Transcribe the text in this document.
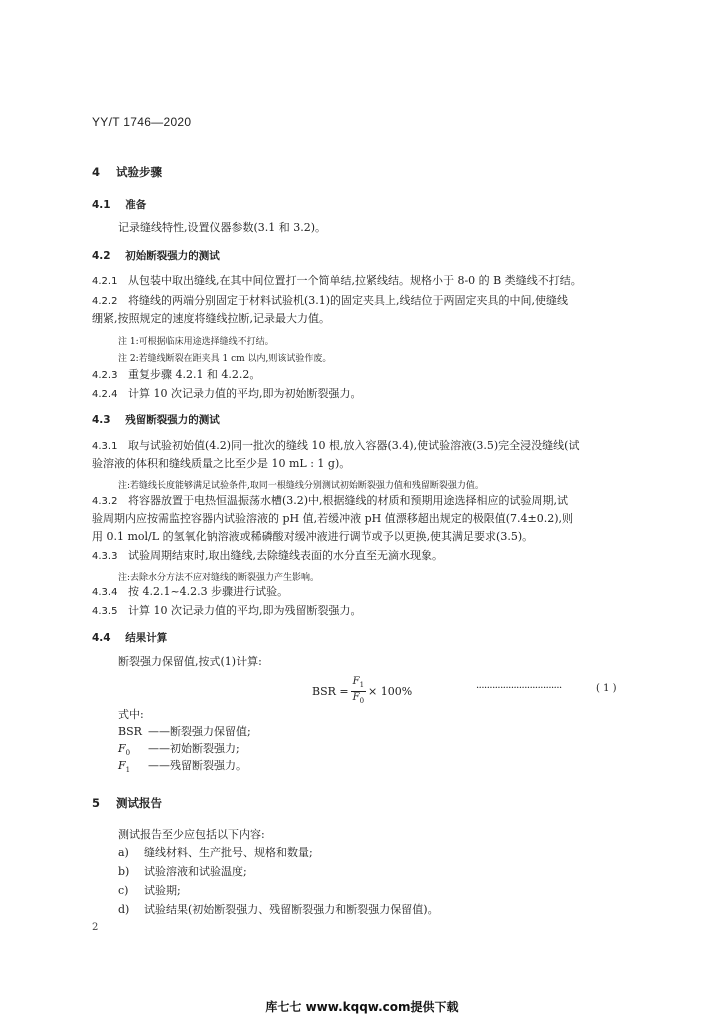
YY/T 1746—2020
4 试验步骤
4.1 准备
记录缝线特性,设置仪器参数(3.1 和 3.2)。
4.2 初始断裂强力的测试
4.2.1 从包装中取出缝线,在其中间位置打一个简单结,拉紧线结。规格小于 8-0 的 B 类缝线不打结。
4.2.2 将缝线的两端分别固定于材料试验机(3.1)的固定夹具上,线结位于两固定夹具的中间,使缝线
绷紧,按照规定的速度将缝线拉断,记录最大力值。
注 1:可根据临床用途选择缝线不打结。
注 2:若缝线断裂在距夹具 1 cm 以内,则该试验作废。
4.2.3 重复步骤 4.2.1 和 4.2.2。
4.2.4 计算 10 次记录力值的平均,即为初始断裂强力。
4.3 残留断裂强力的测试
4.3.1 取与试验初始值(4.2)同一批次的缝线 10 根,放入容器(3.4),使试验溶液(3.5)完全浸没缝线(试
验溶液的体积和缝线质量之比至少是 10 mL : 1 g)。
注:若缝线长度能够满足试验条件,取同一根缝线分别测试初始断裂强力值和残留断裂强力值。
4.3.2 将容器放置于电热恒温振荡水槽(3.2)中,根据缝线的材质和预期用途选择相应的试验周期,试
验周期内应按需监控容器内试验溶液的 pH 值,若缓冲液 pH 值漂移超出规定的极限值(7.4±0.2),则
用 0.1 mol/L 的氢氧化钠溶液或稀磷酸对缓冲液进行调节或予以更换,使其满足要求(3.5)。
4.3.3 试验周期结束时,取出缝线,去除缝线表面的水分直至无滴水现象。
注:去除水分方法不应对缝线的断裂强力产生影响。
4.3.4 按 4.2.1~4.2.3 步骤进行试验。
4.3.5 计算 10 次记录力值的平均,即为残留断裂强力。
4.4 结果计算
断裂强力保留值,按式(1)计算:
BSR = $\frac{F_1}{F_0} \times 100\%$	································	( 1 )
式中:
BSR ——断裂强力保留值;
$F_0$ ——初始断裂强力;
$F_1$ ——残留断裂强力。
5 测试报告
测试报告至少应包括以下内容:
a) 缝线材料、生产批号、规格和数量;
b) 试验溶液和试验温度;
c) 试验期;
d) 试验结果(初始断裂强力、残留断裂强力和断裂强力保留值)。
2
库七七 www.kqqw.com提供下载
